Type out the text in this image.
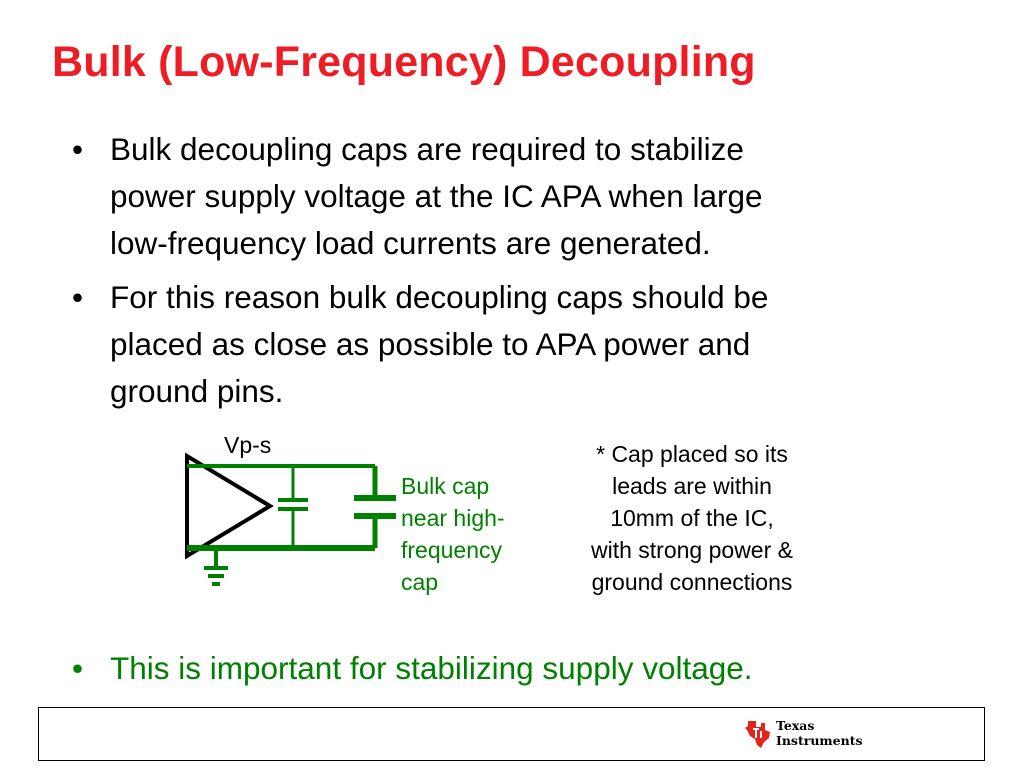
Bulk (Low-Frequency) Decoupling
• Bulk decoupling caps are required to stabilize
power supply voltage at the IC APA when large
low-frequency load currents are generated.
• For this reason bulk decoupling caps should be
placed as close as possible to APA power and
ground pins.
Vp-s
Bulk cap
near high-
frequency
cap
* Cap placed so its
leads are within
10mm of the IC,
with strong power &
ground connections
• This is important for stabilizing supply voltage.
Texas
Instruments
